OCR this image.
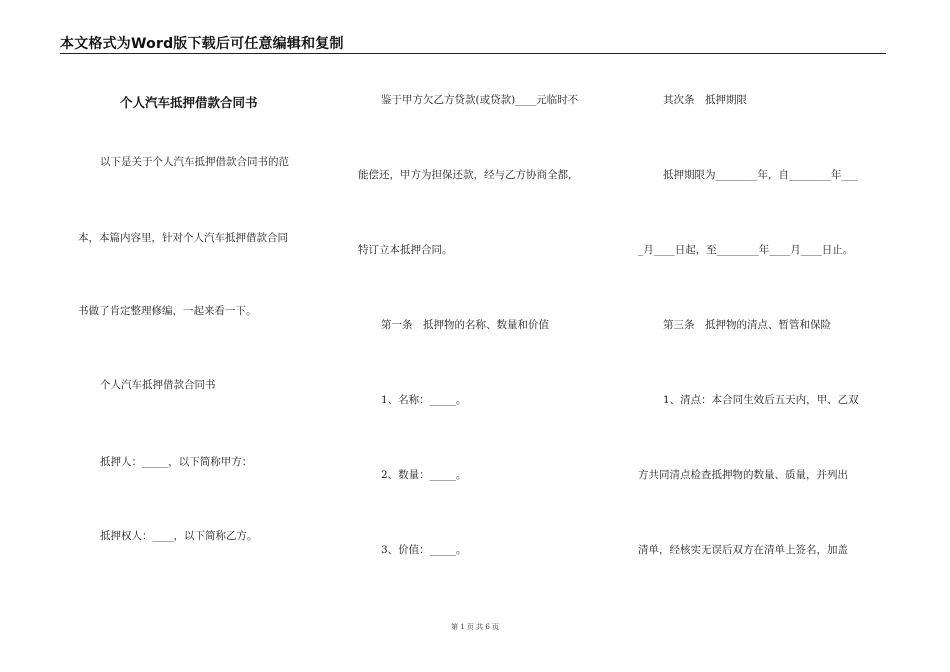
本文格式为Word版下载后可任意编辑和复制
个人汽车抵押借款合同书
以下是关于个人汽车抵押借款合同书的范
本，本篇内容里，针对个人汽车抵押借款合同
书做了肯定整理修编，一起来看一下。
个人汽车抵押借款合同书
抵押人：_____，以下简称甲方：
抵押权人：____，以下简称乙方。
鉴于甲方欠乙方贷款(或贷款)____元临时不
能偿还，甲方为担保还款，经与乙方协商全都，
特订立本抵押合同。
第一条　抵押物的名称、数量和价值
1、名称：_____。
2、数量：_____。
3、价值：_____。
其次条　抵押期限
抵押期限为________年，自________年___
_月____日起，至________年____月____日止。
第三条　抵押物的清点、暂管和保险
1、清点：本合同生效后五天内，甲、乙双
方共同清点检查抵押物的数量、质量，并列出
清单，经核实无误后双方在清单上签名，加盖
第 1 页 共 6 页
